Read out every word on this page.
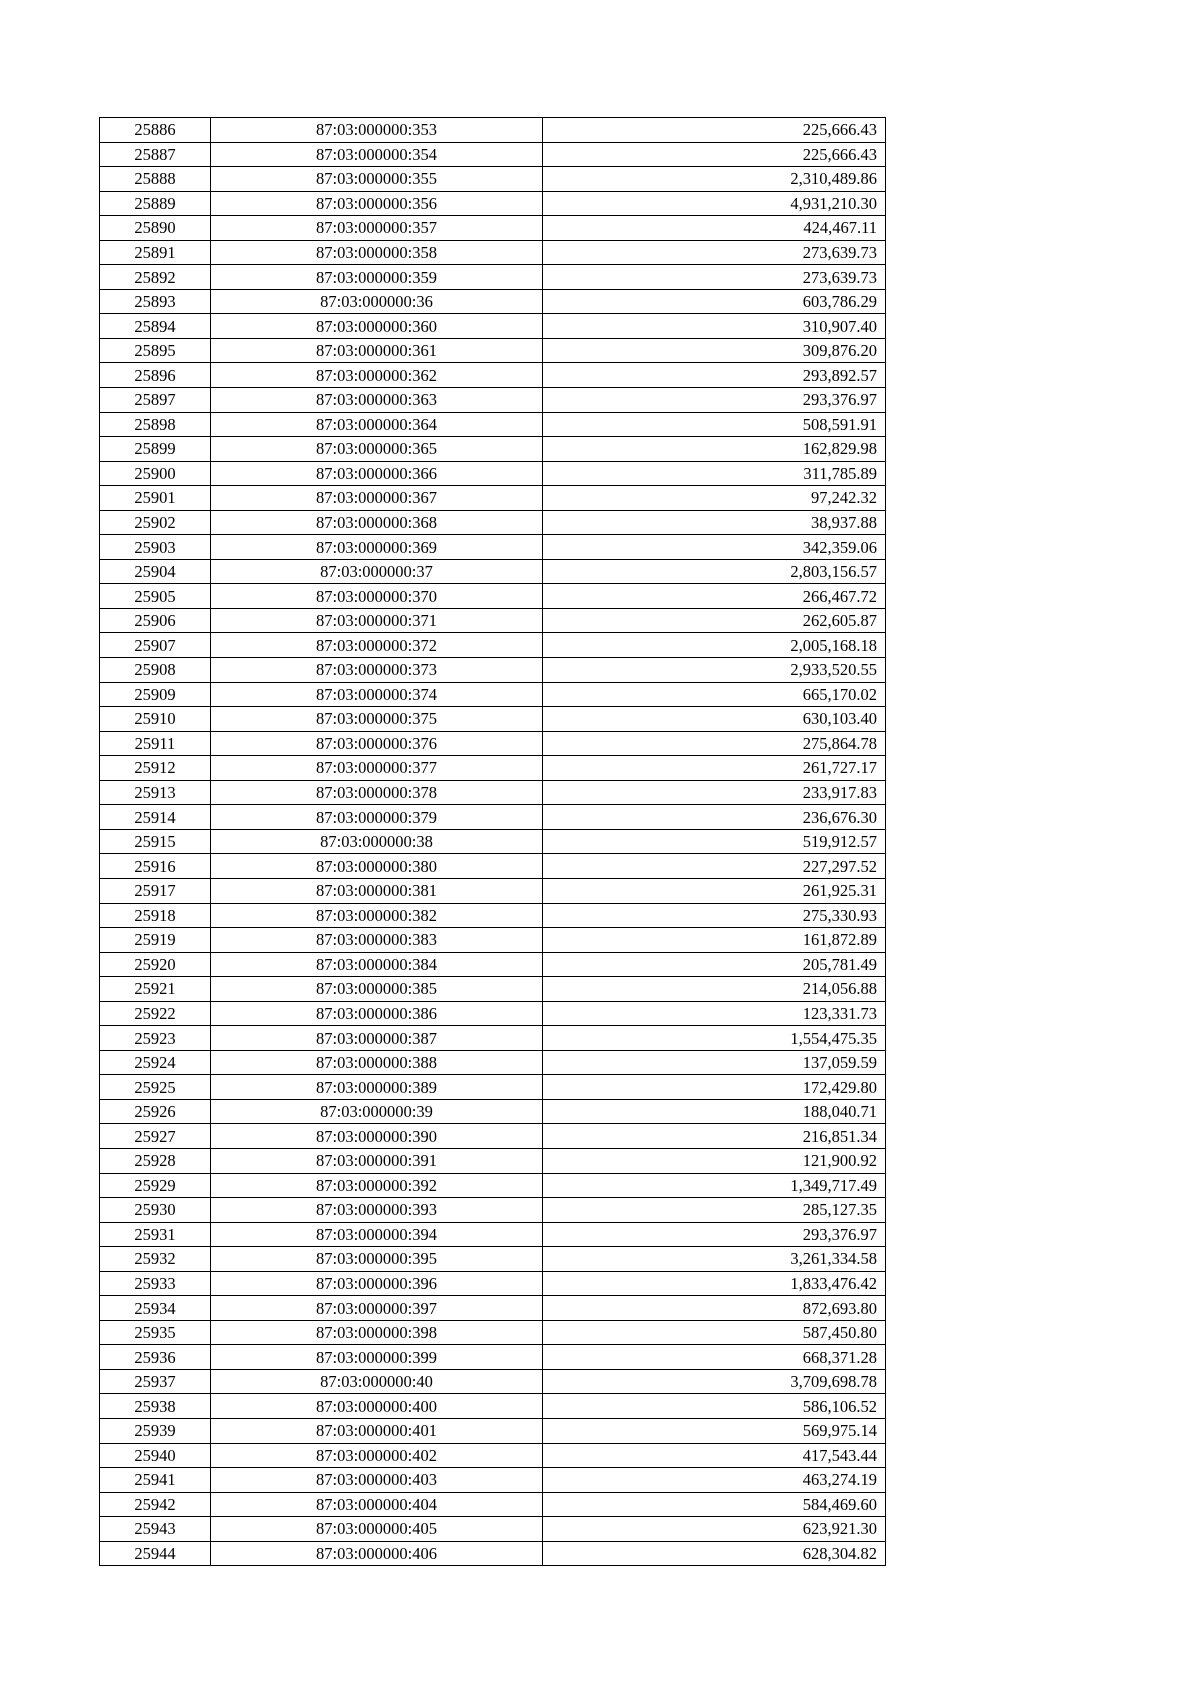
25886	87:03:000000:353	225,666.43
25887	87:03:000000:354	225,666.43
25888	87:03:000000:355	2,310,489.86
25889	87:03:000000:356	4,931,210.30
25890	87:03:000000:357	424,467.11
25891	87:03:000000:358	273,639.73
25892	87:03:000000:359	273,639.73
25893	87:03:000000:36	603,786.29
25894	87:03:000000:360	310,907.40
25895	87:03:000000:361	309,876.20
25896	87:03:000000:362	293,892.57
25897	87:03:000000:363	293,376.97
25898	87:03:000000:364	508,591.91
25899	87:03:000000:365	162,829.98
25900	87:03:000000:366	311,785.89
25901	87:03:000000:367	97,242.32
25902	87:03:000000:368	38,937.88
25903	87:03:000000:369	342,359.06
25904	87:03:000000:37	2,803,156.57
25905	87:03:000000:370	266,467.72
25906	87:03:000000:371	262,605.87
25907	87:03:000000:372	2,005,168.18
25908	87:03:000000:373	2,933,520.55
25909	87:03:000000:374	665,170.02
25910	87:03:000000:375	630,103.40
25911	87:03:000000:376	275,864.78
25912	87:03:000000:377	261,727.17
25913	87:03:000000:378	233,917.83
25914	87:03:000000:379	236,676.30
25915	87:03:000000:38	519,912.57
25916	87:03:000000:380	227,297.52
25917	87:03:000000:381	261,925.31
25918	87:03:000000:382	275,330.93
25919	87:03:000000:383	161,872.89
25920	87:03:000000:384	205,781.49
25921	87:03:000000:385	214,056.88
25922	87:03:000000:386	123,331.73
25923	87:03:000000:387	1,554,475.35
25924	87:03:000000:388	137,059.59
25925	87:03:000000:389	172,429.80
25926	87:03:000000:39	188,040.71
25927	87:03:000000:390	216,851.34
25928	87:03:000000:391	121,900.92
25929	87:03:000000:392	1,349,717.49
25930	87:03:000000:393	285,127.35
25931	87:03:000000:394	293,376.97
25932	87:03:000000:395	3,261,334.58
25933	87:03:000000:396	1,833,476.42
25934	87:03:000000:397	872,693.80
25935	87:03:000000:398	587,450.80
25936	87:03:000000:399	668,371.28
25937	87:03:000000:40	3,709,698.78
25938	87:03:000000:400	586,106.52
25939	87:03:000000:401	569,975.14
25940	87:03:000000:402	417,543.44
25941	87:03:000000:403	463,274.19
25942	87:03:000000:404	584,469.60
25943	87:03:000000:405	623,921.30
25944	87:03:000000:406	628,304.82
